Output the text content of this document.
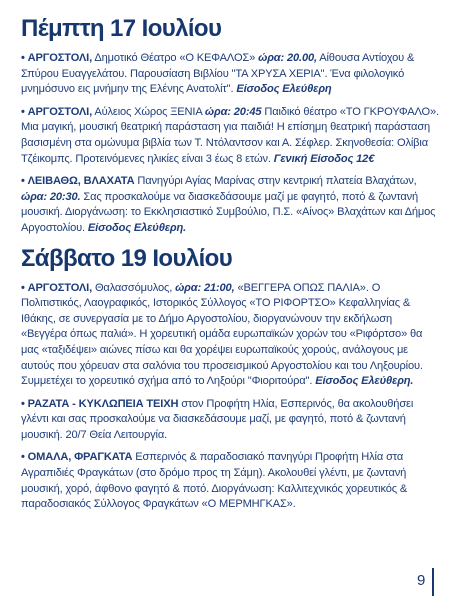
Πέμπτη 17 Ιουλίου

• ΑΡΓΟΣΤΟΛΙ, Δημοτικό Θέατρο «Ο ΚΕΦΑΛΟΣ» ώρα: 20.00, Αίθουσα Αντίοχου & Σπύρου Ευαγγελάτου. Παρουσίαση Βιβλίου "ΤΑ ΧΡΥΣΑ ΧΕΡΙΑ". Ένα φιλολογικό μνημόσυνο εις μνήμην της Ελένης Ανατολίτ". Είσοδος Ελεύθερη

• ΑΡΓΟΣΤΟΛΙ, Αύλειος Χώρος ΞΕΝΙΑ ώρα: 20:45 Παιδικό θέατρο «ΤΟ ΓΚΡΟΥΦΑΛΟ». Μια μαγική, μουσική θεατρική παράσταση για παιδιά! Η επίσημη θεατρική παράσταση βασισμένη στα ομώνυμα βιβλία των Τ. Ντόλαντσον και Α. Σέφλερ. Σκηνοθεσία: Ολίβια Τζέικομπς. Προτεινόμενες ηλικίες είναι 3 έως 8 ετών. Γενική Είσοδος 12€

• ΛΕΙΒΑΘΩ, ΒΛΑΧΑΤΑ Πανηγύρι Αγίας Μαρίνας στην κεντρική πλατεία Βλαχάτων, ώρα: 20:30. Σας προσκαλούμε να διασκεδάσουμε μαζί με φαγητό, ποτό & ζωντανή μουσική. Διοργάνωση: το Εκκλησιαστικό Συμβούλιο, Π.Σ. «Αίνος» Βλαχάτων και Δήμος Αργοστολίου. Είσοδος Ελεύθερη.

Σάββατο 19 Ιουλίου

• ΑΡΓΟΣΤΟΛΙ, Θαλασσόμυλος, ώρα: 21:00, «ΒΕΓΓΕΡΑ ΟΠΩΣ ΠΑΛΙΑ». Ο Πολιτιστικός, Λαογραφικός, Ιστορικός Σύλλογος «ΤΟ ΡΙΦΟΡΤΣΟ» Κεφαλληνίας & Ιθάκης, σε συνεργασία με το Δήμο Αργοστολίου, διοργανώνουν την εκδήλωση «Βεγγέρα όπως παλιά». Η χορευτική ομάδα ευρωπαϊκών χορών του «Ριφόρτσο» θα μας «ταξιδέψει» αιώνες πίσω και θα χορέψει ευρωπαϊκούς χορούς, ανάλογους με αυτούς που χόρευαν στα σαλόνια του προσεισμικού Αργοστολίου και του Ληξουρίου. Συμμετέχει το χορευτικό σχήμα από το Ληξούρι "Φιοριτούρα". Είσοδος Ελεύθερη.

• ΡΑΖΑΤΑ - ΚΥΚΛΩΠΕΙΑ ΤΕΙΧΗ στον Προφήτη Ηλία, Εσπερινός, θα ακολουθήσει γλέντι και σας προσκαλούμε να διασκεδάσουμε μαζί, με φαγητό, ποτό & ζωντανή μουσική. 20/7 Θεία Λειτουργία.

• ΟΜΑΛΑ, ΦΡΑΓΚΑΤΑ Εσπερινός & παραδοσιακό πανηγύρι Προφήτη Ηλία στα Αγραπιδιές Φραγκάτων (στο δρόμο προς τη Σάμη). Ακολουθεί γλέντι, με ζωντανή μουσική, χορό, άφθονο φαγητό & ποτό. Διοργάνωση: Καλλιτεχνικός χορευτικός & παραδοσιακός Σύλλογος Φραγκάτων «Ο ΜΕΡΜΗΓΚΑΣ».

9
